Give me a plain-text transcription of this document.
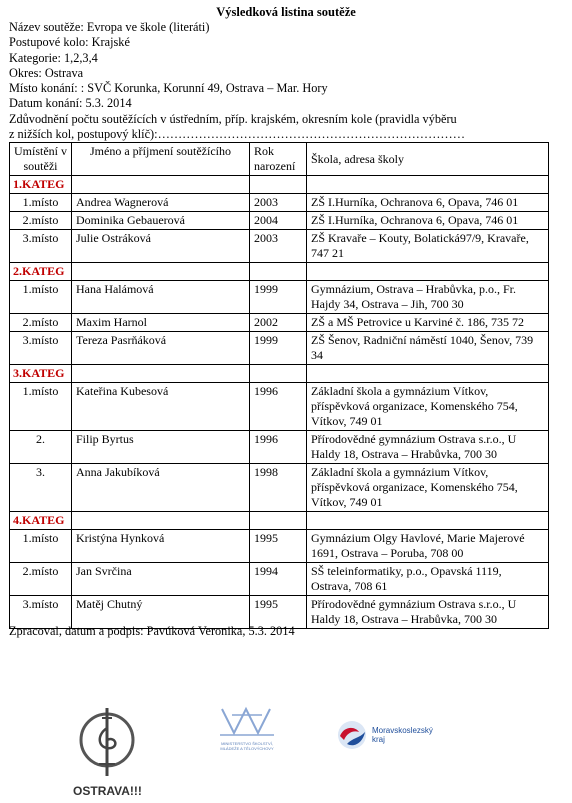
Výsledková listina soutěže
Název soutěže: Evropa ve škole (literáti)
Postupové kolo: Krajské
Kategorie: 1,2,3,4
Okres: Ostrava
Místo konání: : SVČ Korunka, Korunní 49, Ostrava – Mar. Hory
Datum konání: 5.3. 2014
Zdůvodnění počtu soutěžících v ústředním, příp. krajském, okresním kole (pravidla výběru
z nižších kol, postupový klíč):…………………………………………………………………
Umístění v soutěži	Jméno a příjmení soutěžícího	Rok narození	Škola, adresa školy
1.KATEG			
1.místo	Andrea Wagnerová	2003	ZŠ I.Hurníka, Ochranova 6, Opava, 746 01
2.místo	Dominika Gebauerová	2004	ZŠ I.Hurníka, Ochranova 6, Opava, 746 01
3.místo	Julie Ostráková	2003	ZŠ Kravaře – Kouty, Bolatická97/9, Kravaře, 747 21
2.KATEG			
1.místo	Hana Halámová	1999	Gymnázium, Ostrava – Hrabůvka, p.o., Fr. Hajdy 34, Ostrava – Jih, 700 30
2.místo	Maxim Harnol	2002	ZŠ a MŠ Petrovice u Karviné č. 186, 735 72
3.místo	Tereza Pasrňáková	1999	ZŠ Šenov, Radniční náměstí 1040, Šenov, 739 34
3.KATEG			
1.místo	Kateřina Kubesová	1996	Základní škola a gymnázium Vítkov, příspěvková organizace, Komenského 754, Vítkov, 749 01
2.	Filip Byrtus	1996	Přírodovědné gymnázium Ostrava s.r.o., U Haldy 18, Ostrava – Hrabůvka, 700 30
3.	Anna Jakubíková	1998	Základní škola a gymnázium Vítkov, příspěvková organizace, Komenského 754, Vítkov, 749 01
4.KATEG			
1.místo	Kristýna Hynková	1995	Gymnázium Olgy Havlové, Marie Majerové 1691, Ostrava – Poruba, 708 00
2.místo	Jan Svrčina	1994	SŠ teleinformatiky, p.o., Opavská 1119, Ostrava, 708 61
3.místo	Matěj Chutný	1995	Přírodovědné gymnázium Ostrava s.r.o., U Haldy 18, Ostrava – Hrabůvka, 700 30
Zpracoval, datum a podpis: Pavúková Veronika, 5.3. 2014
OSTRAVA!!!
MINISTERSTVO ŠKOLSTVÍ, MLÁDEŽE A TĚLOVÝCHOVY
Moravskoslezský kraj
